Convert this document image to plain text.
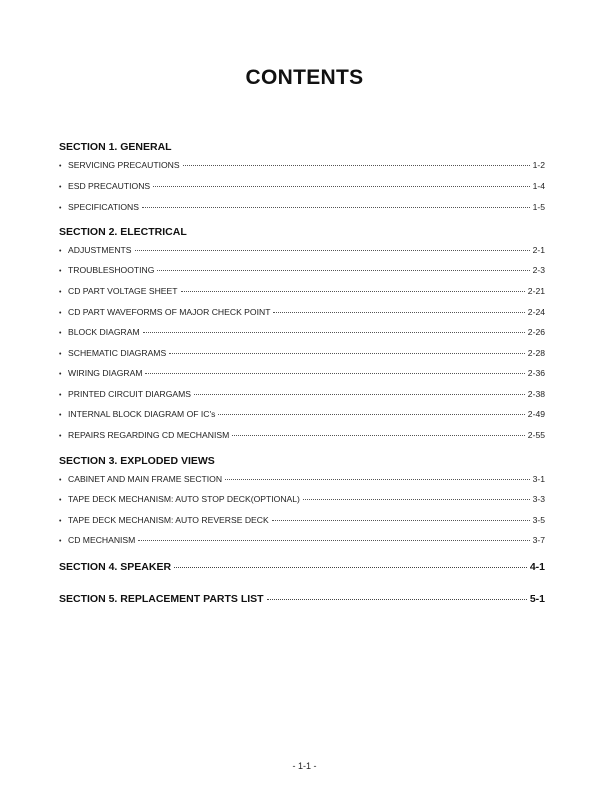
CONTENTS
SECTION 1. GENERAL
• SERVICING PRECAUTIONS	1-2
• ESD PRECAUTIONS	1-4
• SPECIFICATIONS	1-5
SECTION 2. ELECTRICAL
• ADJUSTMENTS	2-1
• TROUBLESHOOTING	2-3
• CD PART VOLTAGE SHEET	2-21
• CD PART WAVEFORMS OF MAJOR CHECK POINT	2-24
• BLOCK DIAGRAM	2-26
• SCHEMATIC DIAGRAMS	2-28
• WIRING DIAGRAM	2-36
• PRINTED CIRCUIT DIARGAMS	2-38
• INTERNAL BLOCK DIAGRAM OF IC's	2-49
• REPAIRS REGARDING CD MECHANISM	2-55
SECTION 3. EXPLODED VIEWS
• CABINET AND MAIN FRAME SECTION	3-1
• TAPE DECK MECHANISM: AUTO STOP DECK(OPTIONAL)	3-3
• TAPE DECK MECHANISM: AUTO REVERSE DECK	3-5
• CD MECHANISM	3-7
SECTION 4. SPEAKER	4-1
SECTION 5. REPLACEMENT PARTS LIST	5-1
- 1-1 -
